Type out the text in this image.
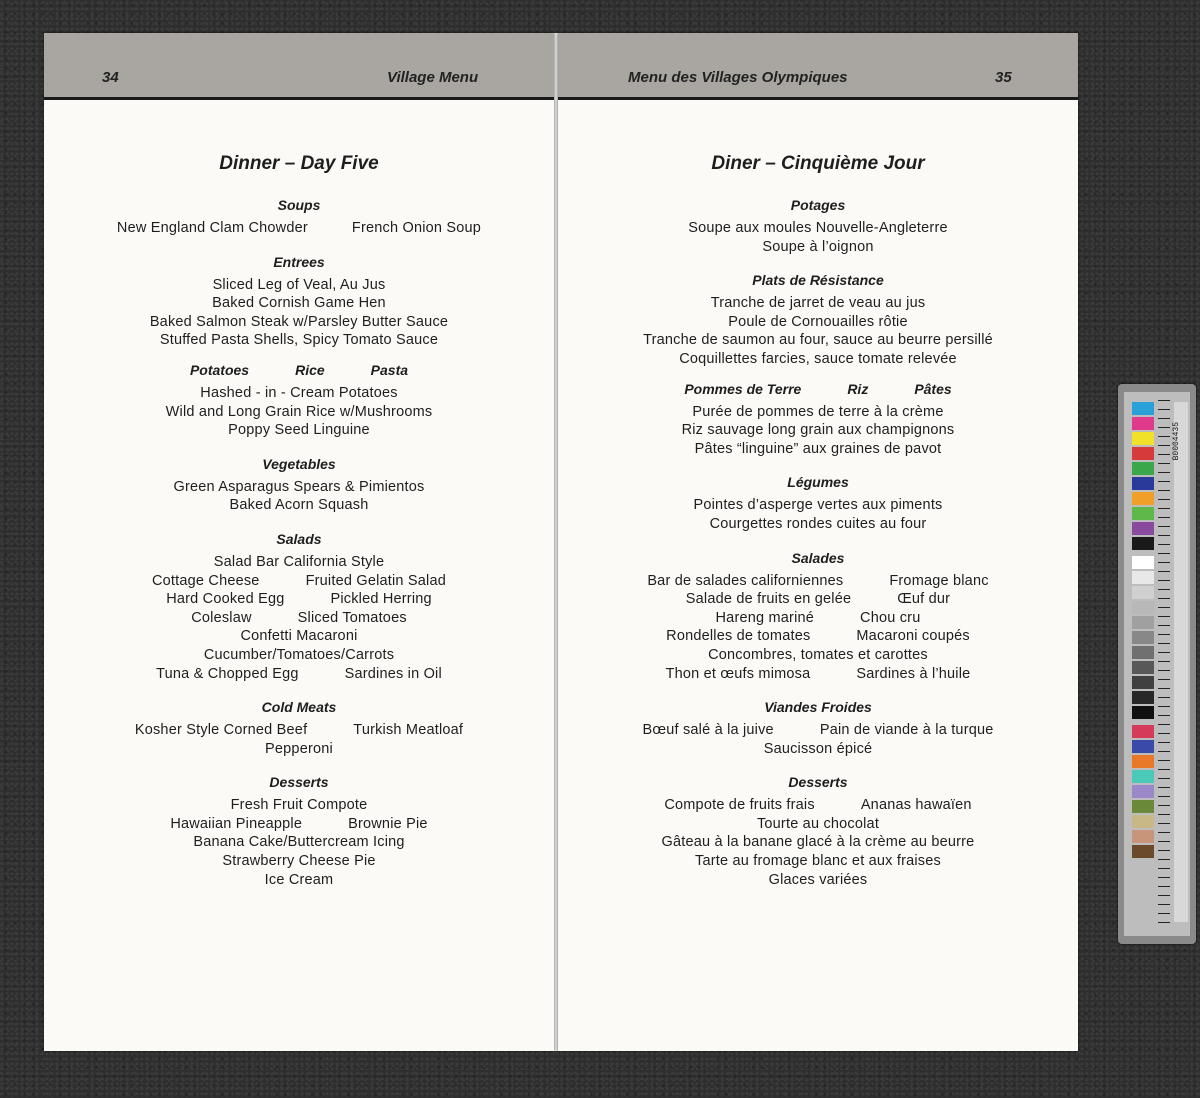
34	Village Menu
Dinner – Day Five
Soups
New England Clam Chowder	French Onion Soup
Entrees
Sliced Leg of Veal, Au Jus
Baked Cornish Game Hen
Baked Salmon Steak w/Parsley Butter Sauce
Stuffed Pasta Shells, Spicy Tomato Sauce
Potatoes	Rice	Pasta
Hashed - in - Cream Potatoes
Wild and Long Grain Rice w/Mushrooms
Poppy Seed Linguine
Vegetables
Green Asparagus Spears & Pimientos
Baked Acorn Squash
Salads
Salad Bar California Style
Cottage Cheese	Fruited Gelatin Salad
Hard Cooked Egg	Pickled Herring
Coleslaw	Sliced Tomatoes
Confetti Macaroni
Cucumber/Tomatoes/Carrots
Tuna & Chopped Egg	Sardines in Oil
Cold Meats
Kosher Style Corned Beef	Turkish Meatloaf
Pepperoni
Desserts
Fresh Fruit Compote
Hawaiian Pineapple	Brownie Pie
Banana Cake/Buttercream Icing
Strawberry Cheese Pie
Ice Cream
Menu des Villages Olympiques	35
Diner – Cinquième Jour
Potages
Soupe aux moules Nouvelle-Angleterre
Soupe à l’oignon
Plats de Résistance
Tranche de jarret de veau au jus
Poule de Cornouailles rôtie
Tranche de saumon au four, sauce au beurre persillé
Coquillettes farcies, sauce tomate relevée
Pommes de Terre	Riz	Pâtes
Purée de pommes de terre à la crème
Riz sauvage long grain aux champignons
Pâtes “linguine” aux graines de pavot
Légumes
Pointes d’asperge vertes aux piments
Courgettes rondes cuites au four
Salades
Bar de salades californiennes	Fromage blanc
Salade de fruits en gelée	Œuf dur
Hareng mariné	Chou cru
Rondelles de tomates	Macaroni coupés
Concombres, tomates et carottes
Thon et œufs mimosa	Sardines à l’huile
Viandes Froides
Bœuf salé à la juive	Pain de viande à la turque
Saucisson épicé
Desserts
Compote de fruits frais	Ananas hawaïen
Tourte au chocolat
Gâteau à la banane glacé à la crème au beurre
Tarte au fromage blanc et aux fraises
Glaces variées
B0004435
